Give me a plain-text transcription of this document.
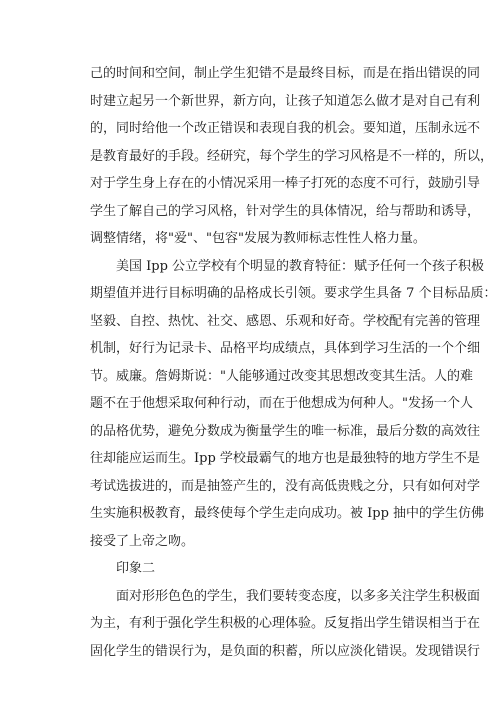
己的时间和空间，制止学生犯错不是最终目标，而是在指出错误的同
时建立起另一个新世界，新方向，让孩子知道怎么做才是对自己有利
的，同时给他一个改正错误和表现自我的机会。要知道，压制永远不
是教育最好的手段。经研究，每个学生的学习风格是不一样的，所以，
对于学生身上存在的小情况采用一棒子打死的态度不可行，鼓励引导
学生了解自己的学习风格，针对学生的具体情况，给与帮助和诱导，
调整情绪，将"爱"、"包容"发展为教师标志性性人格力量。
　　美国 Ipp 公立学校有个明显的教育特征：赋予任何一个孩子积极
期望值并进行目标明确的品格成长引领。要求学生具备 7 个目标品质：
坚毅、自控、热忱、社交、感恩、乐观和好奇。学校配有完善的管理
机制，好行为记录卡、品格平均成绩点，具体到学习生活的一个个细
节。威廉。詹姆斯说："人能够通过改变其思想改变其生活。人的难
题不在于他想采取何种行动，而在于他想成为何种人。"发扬一个人
的品格优势，避免分数成为衡量学生的唯一标准，最后分数的高效往
往却能应运而生。Ipp 学校最霸气的地方也是最独特的地方学生不是
考试选拔进的，而是抽签产生的，没有高低贵贱之分，只有如何对学
生实施积极教育，最终使每个学生走向成功。被 Ipp 抽中的学生仿佛
接受了上帝之吻。
　　印象二
　　面对形形色色的学生，我们要转变态度，以多多关注学生积极面
为主，有利于强化学生积极的心理体验。反复指出学生错误相当于在
固化学生的错误行为，是负面的积蓄，所以应淡化错误。发现错误行
